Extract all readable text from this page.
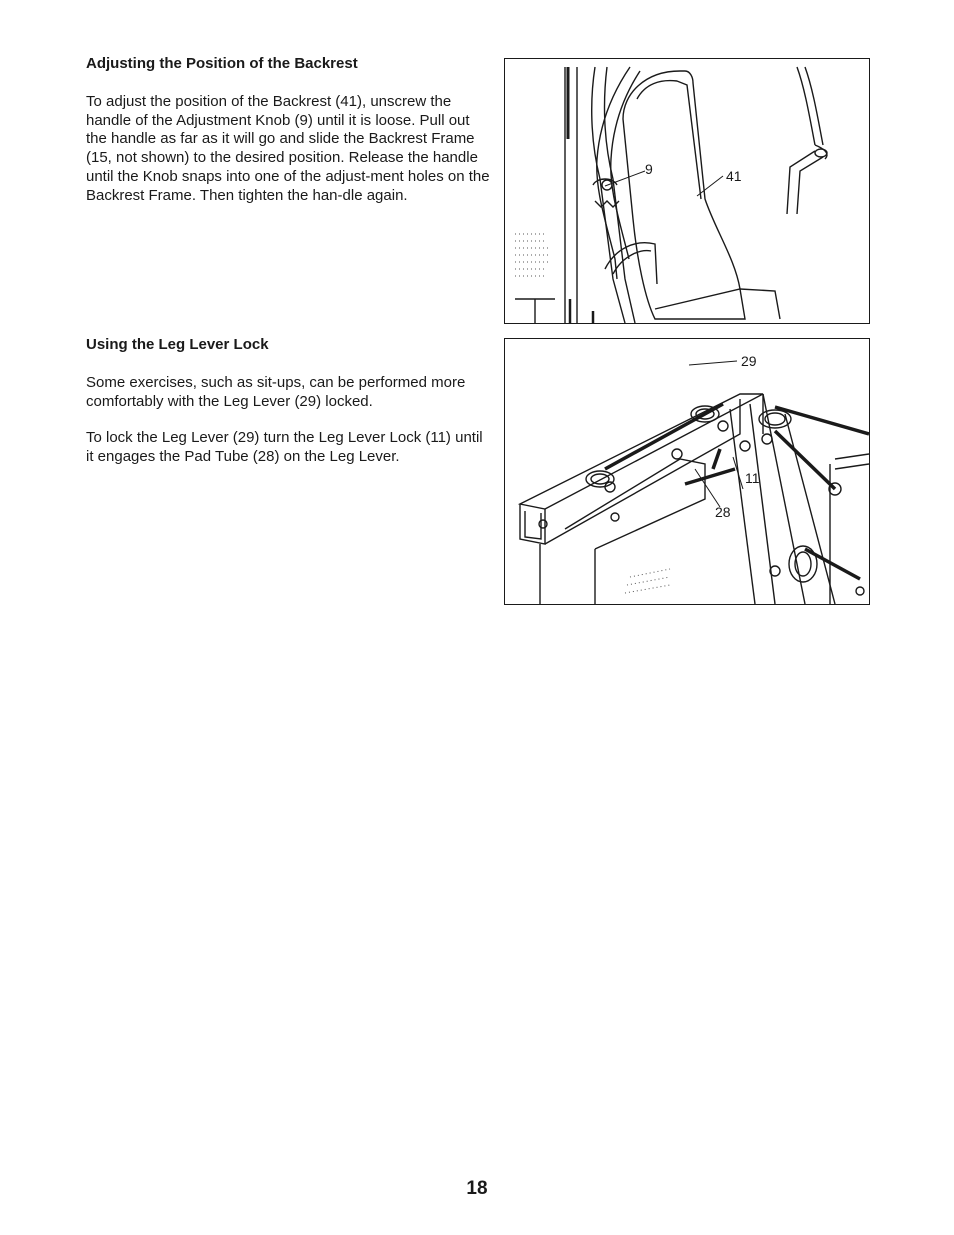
Adjusting the Position of the Backrest

To adjust the position of the Backrest (41), unscrew the handle of the Adjustment Knob (9) until it is loose. Pull out the handle as far as it will go and slide the Backrest Frame (15, not shown) to the desired position. Release the handle until the Knob snaps into one of the adjust-ment holes on the Backrest Frame. Then tighten the han-dle again.

9	41

Using the Leg Lever Lock

Some exercises, such as sit-ups, can be performed more comfortably with the Leg Lever (29) locked.

To lock the Leg Lever (29) turn the Leg Lever Lock (11) until it engages the Pad Tube (28) on the Leg Lever.

29
11
28
18
